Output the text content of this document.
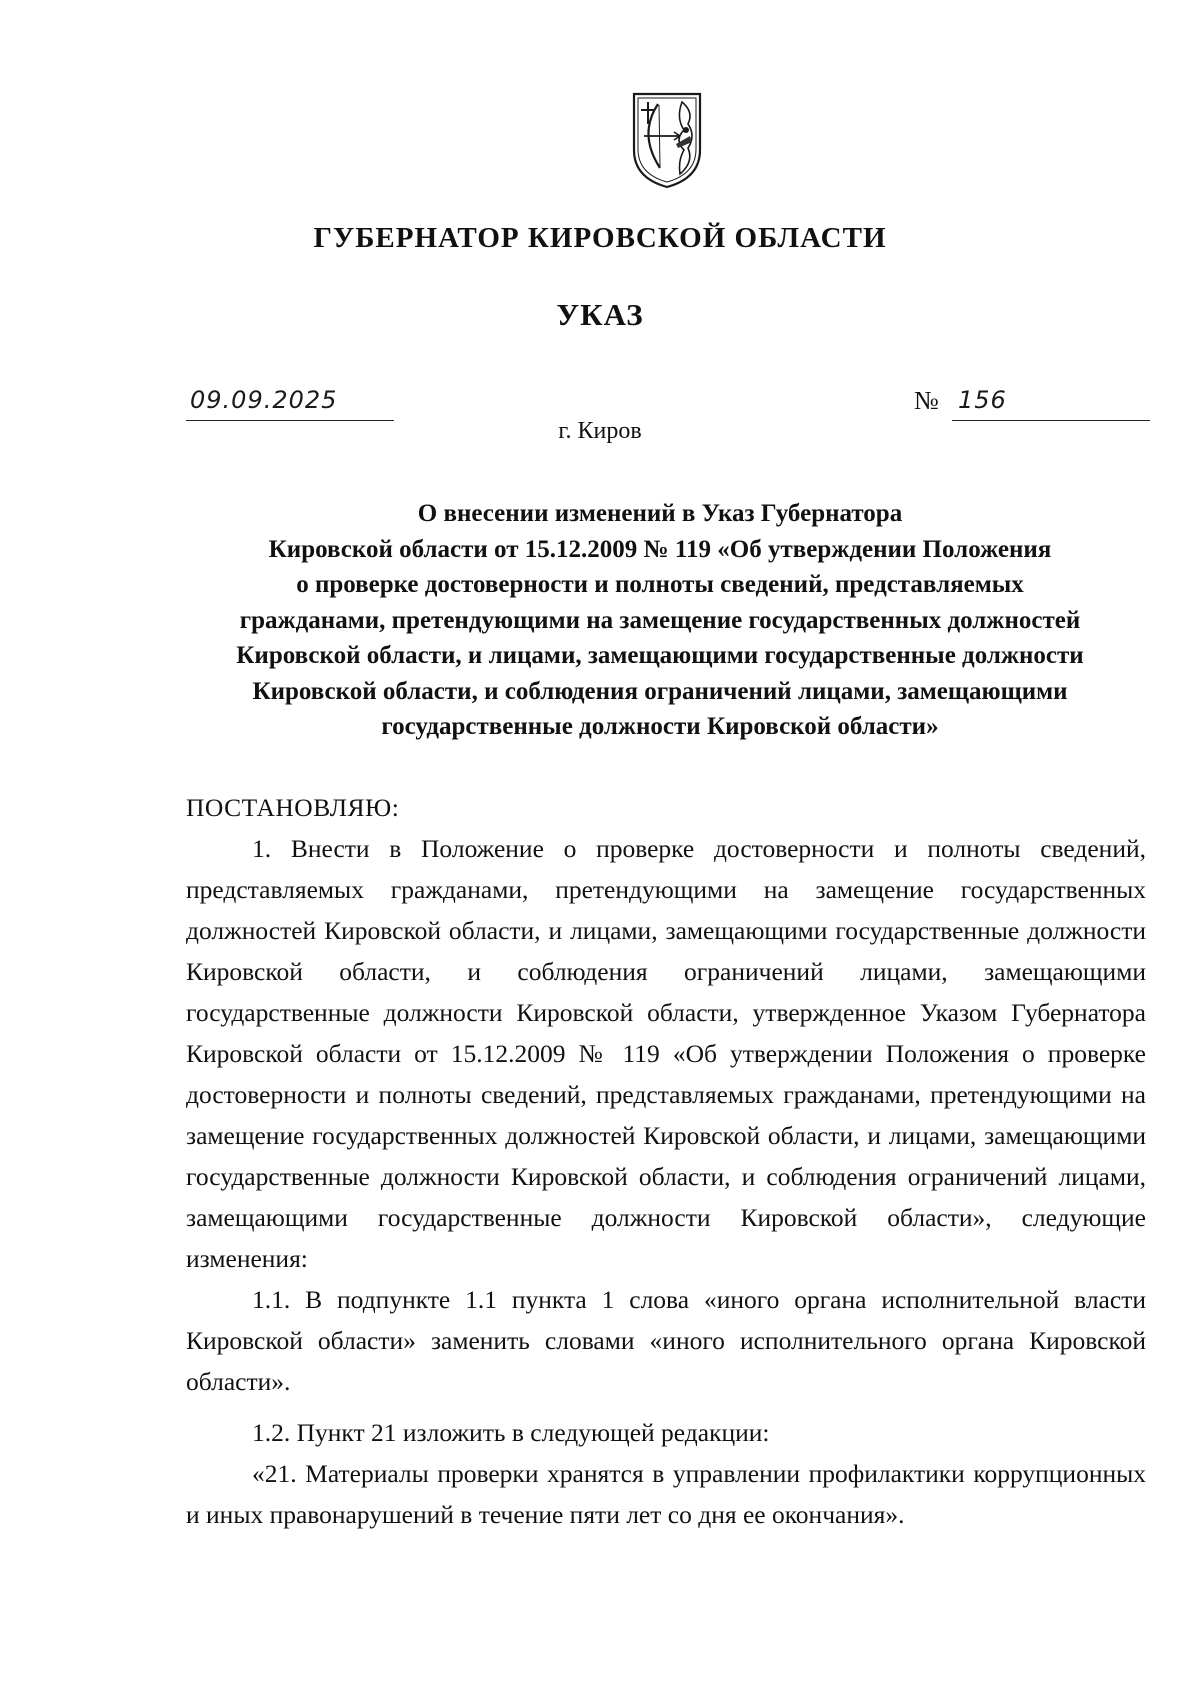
ГУБЕРНАТОР КИРОВСКОЙ ОБЛАСТИ
УКАЗ
09.09.2025	№ 156
г. Киров
О внесении изменений в Указ Губернатора
Кировской области от 15.12.2009 № 119 «Об утверждении Положения
о проверке достоверности и полноты сведений, представляемых
гражданами, претендующими на замещение государственных должностей
Кировской области, и лицами, замещающими государственные должности
Кировской области, и соблюдения ограничений лицами, замещающими
государственные должности Кировской области»

ПОСТАНОВЛЯЮ:

1. Внести в Положение о проверке достоверности и полноты сведений, представляемых гражданами, претендующими на замещение государственных должностей Кировской области, и лицами, замещающими государственные должности Кировской области, и соблюдения ограничений лицами, замещающими государственные должности Кировской области, утвержденное Указом Губернатора Кировской области от 15.12.2009 № 119 «Об утверждении Положения о проверке достоверности и полноты сведений, представляемых гражданами, претендующими на замещение государственных должностей Кировской области, и лицами, замещающими государственные должности Кировской области, и соблюдения ограничений лицами, замещающими государственные должности Кировской области», следующие изменения:

1.1. В подпункте 1.1 пункта 1 слова «иного органа исполнительной власти Кировской области» заменить словами «иного исполнительного органа Кировской области».

1.2. Пункт 21 изложить в следующей редакции:

«21. Материалы проверки хранятся в управлении профилактики коррупционных и иных правонарушений в течение пяти лет со дня ее окончания».
